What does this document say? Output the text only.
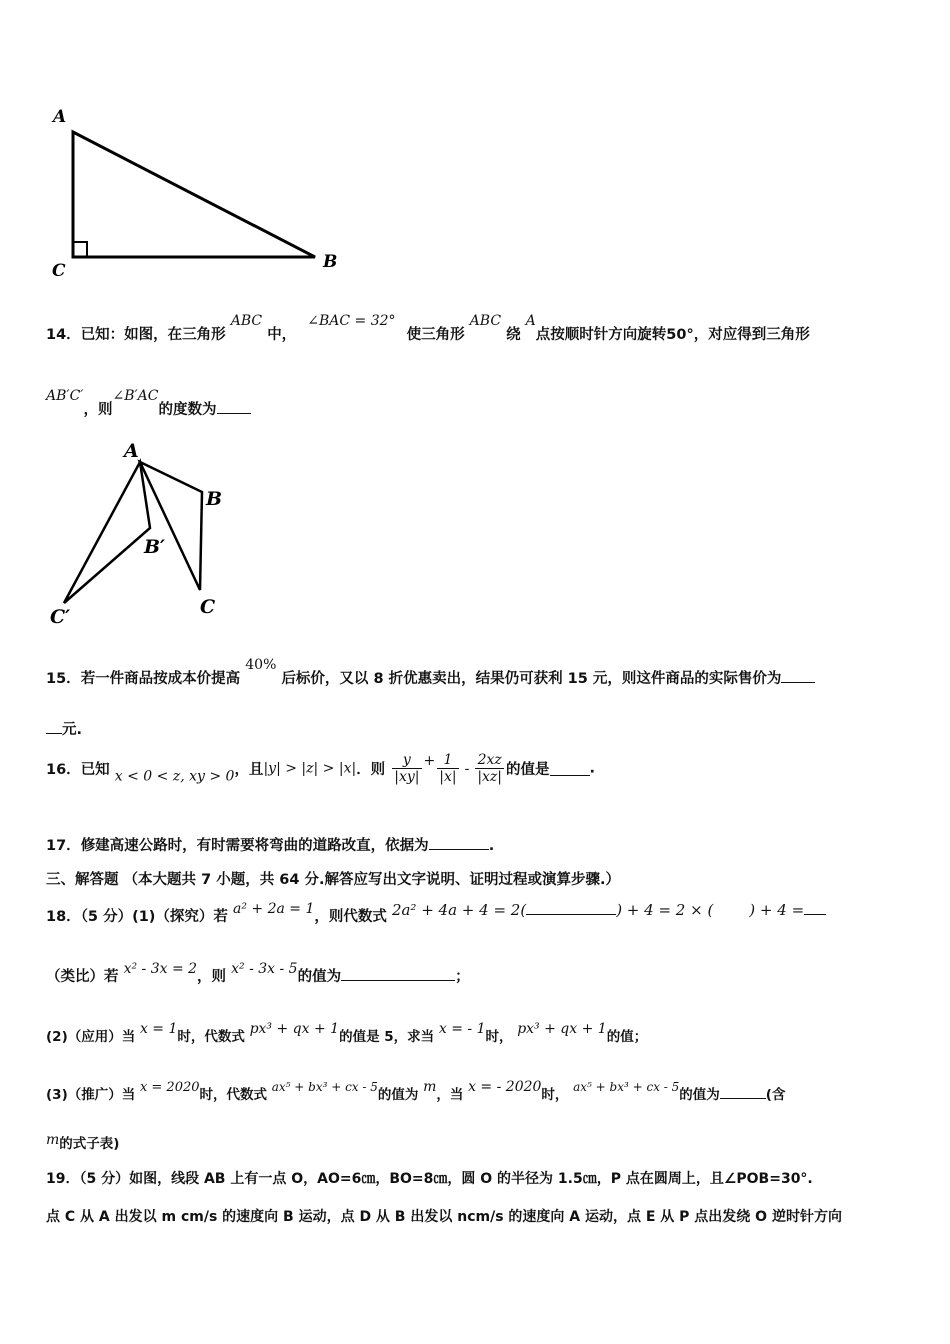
A
C	B
14．已知：如图，在三角形 ABC 中， ∠BAC = 32° 使三角形 ABC 绕 A点按顺时针方向旋转50°，对应得到三角形
AB′C′，则∠B′AC的度数为
A
B
B′
C
C′
15．若一件商品按成本价提高 40% 后标价，又以 8 折优惠卖出，结果仍可获利 15 元，则这件商品的实际售价为
元.
16．已知 x < 0 < z, xy > 0，且|y| > |z| > |x|．则 $\frac{y}{|xy|} + \frac{1}{|x|} - \frac{2xz}{|xz|}$ 的值是	.
17．修建高速公路时，有时需要将弯曲的道路改直，依据为	.
三、解答题 （本大题共 7 小题，共 64 分.解答应写出文字说明、证明过程或演算步骤.）
18．（5 分）(1)（探究）若 a² + 2a = 1，则代数式 2a² + 4a + 4 = 2(	) + 4 = 2 × ( ) + 4 =
（类比）若 x² - 3x = 2，则 x² - 3x - 5的值为	；
(2)（应用）当 x = 1时，代数式 px³ + qx + 1的值是 5，求当 x = - 1时， px³ + qx + 1的值；
(3)（推广）当 x = 2020时，代数式 ax⁵ + bx³ + cx - 5的值为 m，当 x = - 2020时， ax⁵ + bx³ + cx - 5的值为	(含
m的式子表)
19．（5 分）如图，线段 AB 上有一点 O，AO=6㎝，BO=8㎝，圆 O 的半径为 1.5㎝，P 点在圆周上，且∠POB=30°.
点 C 从 A 出发以 m cm/s 的速度向 B 运动，点 D 从 B 出发以 ncm/s 的速度向 A 运动，点 E 从 P 点出发绕 O 逆时针方向
